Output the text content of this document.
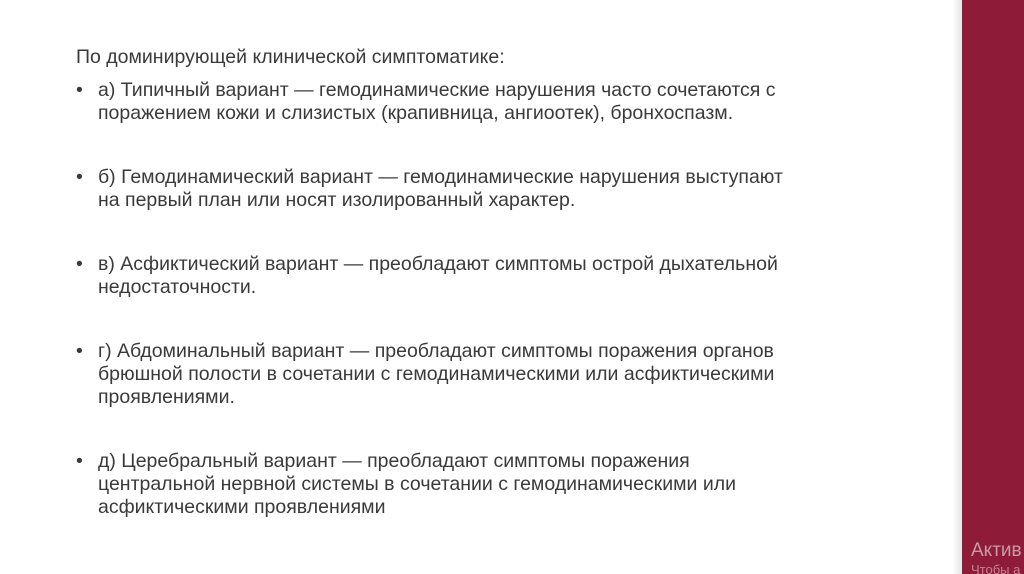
По доминирующей клинической симптоматике:

• а) Типичный вариант — гемодинамические нарушения часто сочетаются с
поражением кожи и слизистых (крапивница, ангиоотек), бронхоспазм.
• б) Гемодинамический вариант — гемодинамические нарушения выступают
на первый план или носят изолированный характер.
• в) Асфиктический вариант — преобладают симптомы острой дыхательной
недостаточности.
• г) Абдоминальный вариант — преобладают симптомы поражения органов
брюшной полости в сочетании с гемодинамическими или асфиктическими
проявлениями.
• д) Церебральный вариант — преобладают симптомы поражения
центральной нервной системы в сочетании с гемодинамическими или
асфиктическими проявлениями
Актив
Чтобы а
